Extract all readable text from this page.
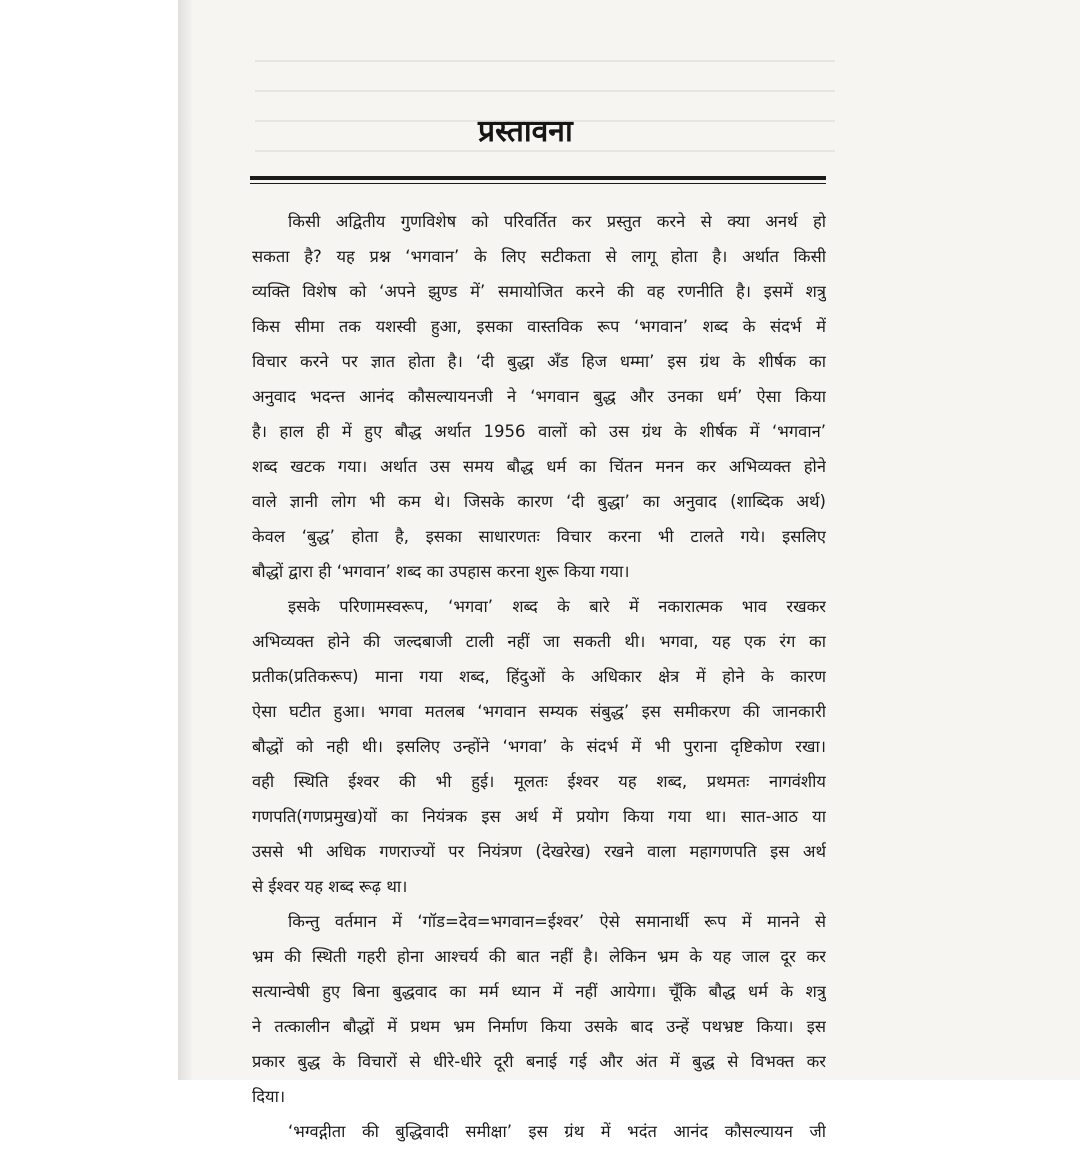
प्रस्तावना
किसी अद्वितीय गुणविशेष को परिवर्तित कर प्रस्तुत करने से क्या अनर्थ हो
सकता है? यह प्रश्न ‘भगवान’ के लिए सटीकता से लागू होता है। अर्थात किसी
व्यक्ति विशेष को ‘अपने झुण्ड में’ समायोजित करने की वह रणनीति है। इसमें शत्रु
किस सीमा तक यशस्वी हुआ, इसका वास्तविक रूप ‘भगवान’ शब्द के संदर्भ में
विचार करने पर ज्ञात होता है। ‘दी बुद्धा अँड हिज धम्मा’ इस ग्रंथ के शीर्षक का
अनुवाद भदन्त आनंद कौसल्यायनजी ने ‘भगवान बुद्ध और उनका धर्म’ ऐसा किया
है। हाल ही में हुए बौद्ध अर्थात 1956 वालों को उस ग्रंथ के शीर्षक में ‘भगवान’
शब्द खटक गया। अर्थात उस समय बौद्ध धर्म का चिंतन मनन कर अभिव्यक्त होने
वाले ज्ञानी लोग भी कम थे। जिसके कारण ‘दी बुद्धा’ का अनुवाद (शाब्दिक अर्थ)
केवल ‘बुद्ध’ होता है, इसका साधारणतः विचार करना भी टालते गये। इसलिए
बौद्धों द्वारा ही ‘भगवान’ शब्द का उपहास करना शुरू किया गया।
इसके परिणामस्वरूप, ‘भगवा’ शब्द के बारे में नकारात्मक भाव रखकर
अभिव्यक्त होने की जल्दबाजी टाली नहीं जा सकती थी। भगवा, यह एक रंग का
प्रतीक(प्रतिकरूप) माना गया शब्द, हिंदुओं के अधिकार क्षेत्र में होने के कारण
ऐसा घटीत हुआ। भगवा मतलब ‘भगवान सम्यक संबुद्ध’ इस समीकरण की जानकारी
बौद्धों को नही थी। इसलिए उन्होंने ‘भगवा’ के संदर्भ में भी पुराना दृष्टिकोण रखा।
वही स्थिति ईश्वर की भी हुई। मूलतः ईश्वर यह शब्द, प्रथमतः नागवंशीय
गणपति(गणप्रमुख)यों का नियंत्रक इस अर्थ में प्रयोग किया गया था। सात-आठ या
उससे भी अधिक गणराज्यों पर नियंत्रण (देखरेख) रखने वाला महागणपति इस अर्थ
से ईश्वर यह शब्द रूढ़ था।
किन्तु वर्तमान में ‘गॉड=देव=भगवान=ईश्वर’ ऐसे समानार्थी रूप में मानने से
भ्रम की स्थिती गहरी होना आश्चर्य की बात नहीं है। लेकिन भ्रम के यह जाल दूर कर
सत्यान्वेषी हुए बिना बुद्धवाद का मर्म ध्यान में नहीं आयेगा। चूँकि बौद्ध धर्म के शत्रु
ने तत्कालीन बौद्धों में प्रथम भ्रम निर्माण किया उसके बाद उन्हें पथभ्रष्ट किया। इस
प्रकार बुद्ध के विचारों से धीरे-धीरे दूरी बनाई गई और अंत में बुद्ध से विभक्त कर
दिया।
‘भग्वद्गीता की बुद्धिवादी समीक्षा’ इस ग्रंथ में भदंत आनंद कौसल्यायन जी
